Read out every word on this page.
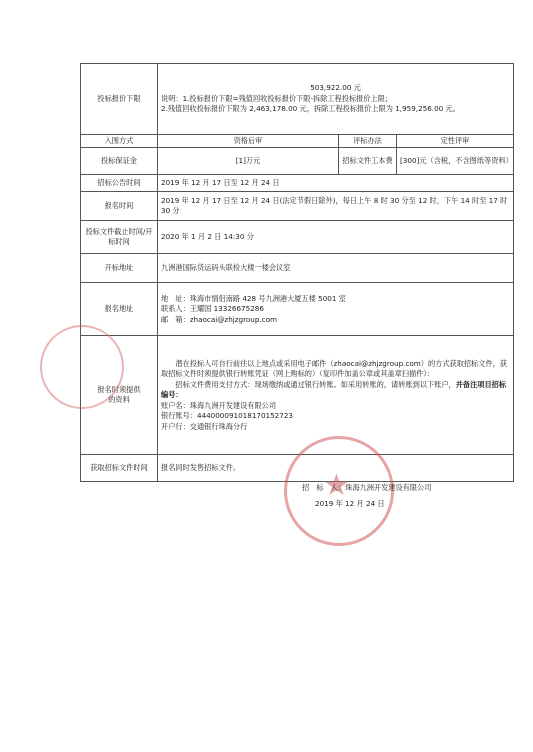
投标报价下限	503,922.00 元
说明：1.投标报价下限=残值回收投标报价下限-拆除工程投标报价上限；
2.残值回收投标报价下限为 2,463,178.00 元，拆除工程投标报价上限为 1,959,256.00 元。		

入围方式	资格后审	评标办法	定性评审
投标保证金	[1]万元	招标文件工本费	[300]元（含税，不含图纸等资料）
招标公告时间	2019 年 12 月 17 日至 12 月 24 日		
报名时间	2019 年 12 月 17 日至 12 月 24 日(法定节假日除外)，每日上午 8 时 30 分至 12 时，下午 14 时至 17 时 30 分		
投标文件截止时间/开标时间	2020 年 1 月 2 日 14:30 分		
开标地址	九洲港国际货运码头联检大楼一楼会议室		
报名地址	地　址：珠海市情侣南路 428 号九洲港大厦五楼 5001 室
联系人：王耀国 13326675286
邮　箱：zhaocai@zhjzgroup.com		

报名时须提供的资料	潜在投标人可自行前往以上地点或采用电子邮件（zhaocai@zhjzgroup.com）的方式获取招标文件，获取招标文件时须提供银行转账凭证（网上购标的）（复印件加盖公章或其盖章扫描件）：
招标文件费用支付方式：现场缴纳或通过银行转账。如采用转账的，请转账到以下账户，并备注项目招标编号：
账户名：珠海九洲开发建设有限公司
银行账号：444000091018170152723
开户行：交通银行珠海分行		

获取招标文件时间	报名同时发售招标文件。		
★
招　标　人：珠海九洲开发建设有限公司
2019 年 12 月 24 日
